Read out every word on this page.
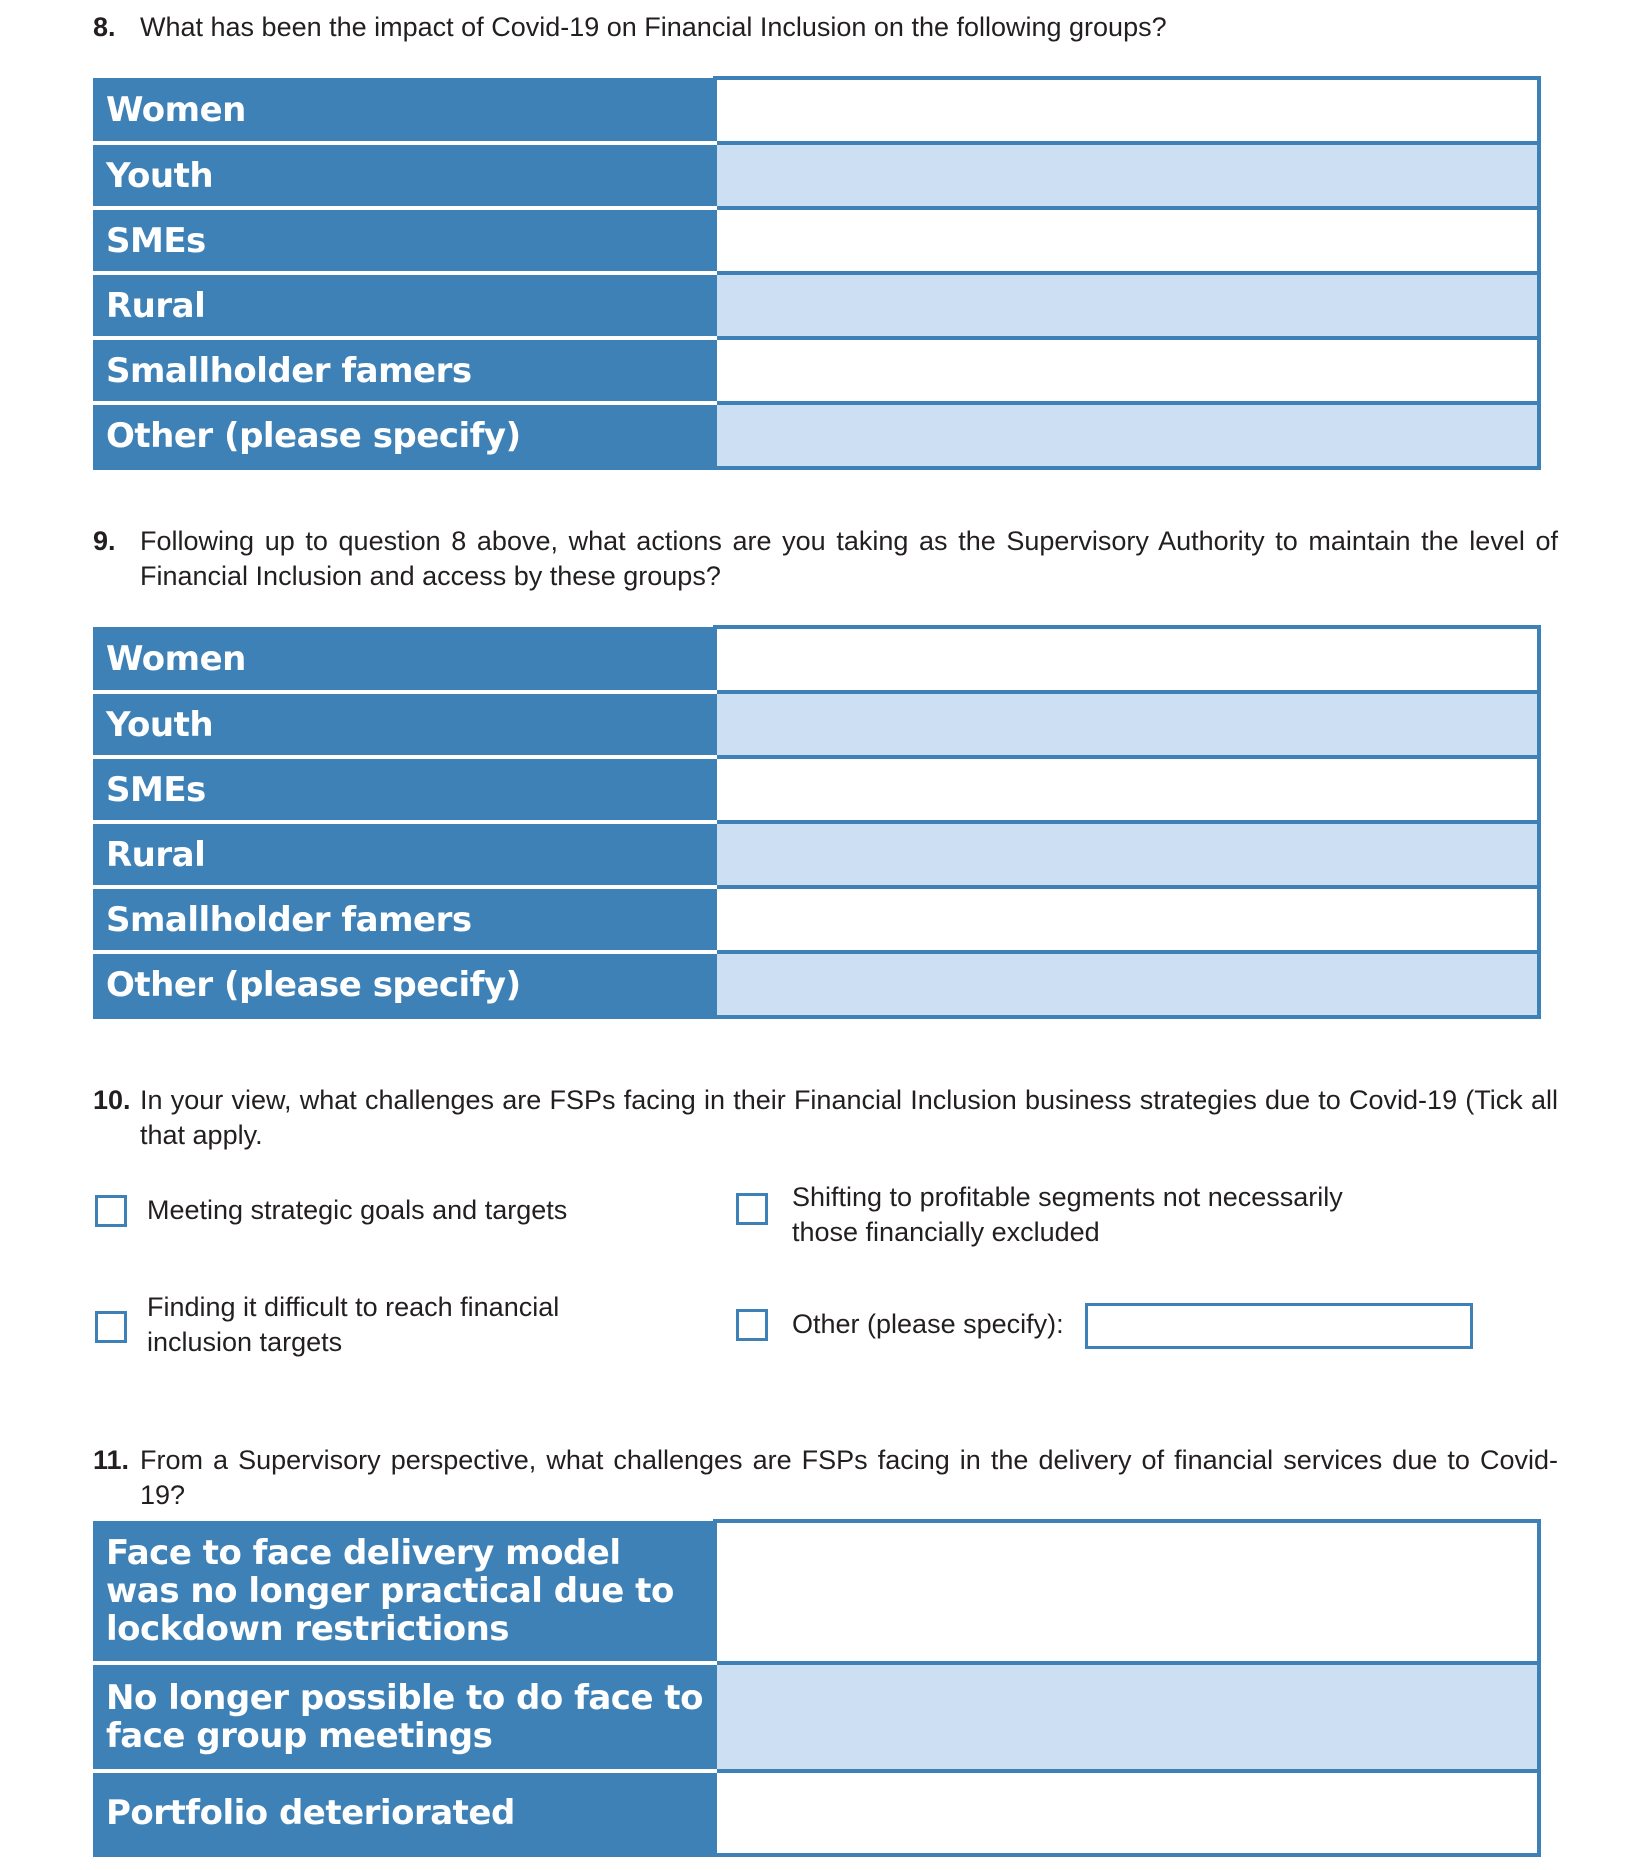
8. What has been the impact of Covid-19 on Financial Inclusion on the following groups?

Women	
Youth	
SMEs	
Rural	
Smallholder famers	
Other (please specify)	

9. Following up to question 8 above, what actions are you taking as the Supervisory Authority to maintain the level of Financial Inclusion and access by these groups?

Women	
Youth	
SMEs	
Rural	
Smallholder famers	
Other (please specify)	

10. In your view, what challenges are FSPs facing in their Financial Inclusion business strategies due to Covid-19 (Tick all that apply.

Meeting strategic goals and targets	Shifting to profitable segments not necessarily those financially excluded

Finding it difficult to reach financial inclusion targets

Other (please specify):

11. From a Supervisory perspective, what challenges are FSPs facing in the delivery of financial services due to Covid-19?

Face to face delivery model was no longer practical due to lockdown restrictions	
No longer possible to do face to face group meetings	
Portfolio deteriorated	
